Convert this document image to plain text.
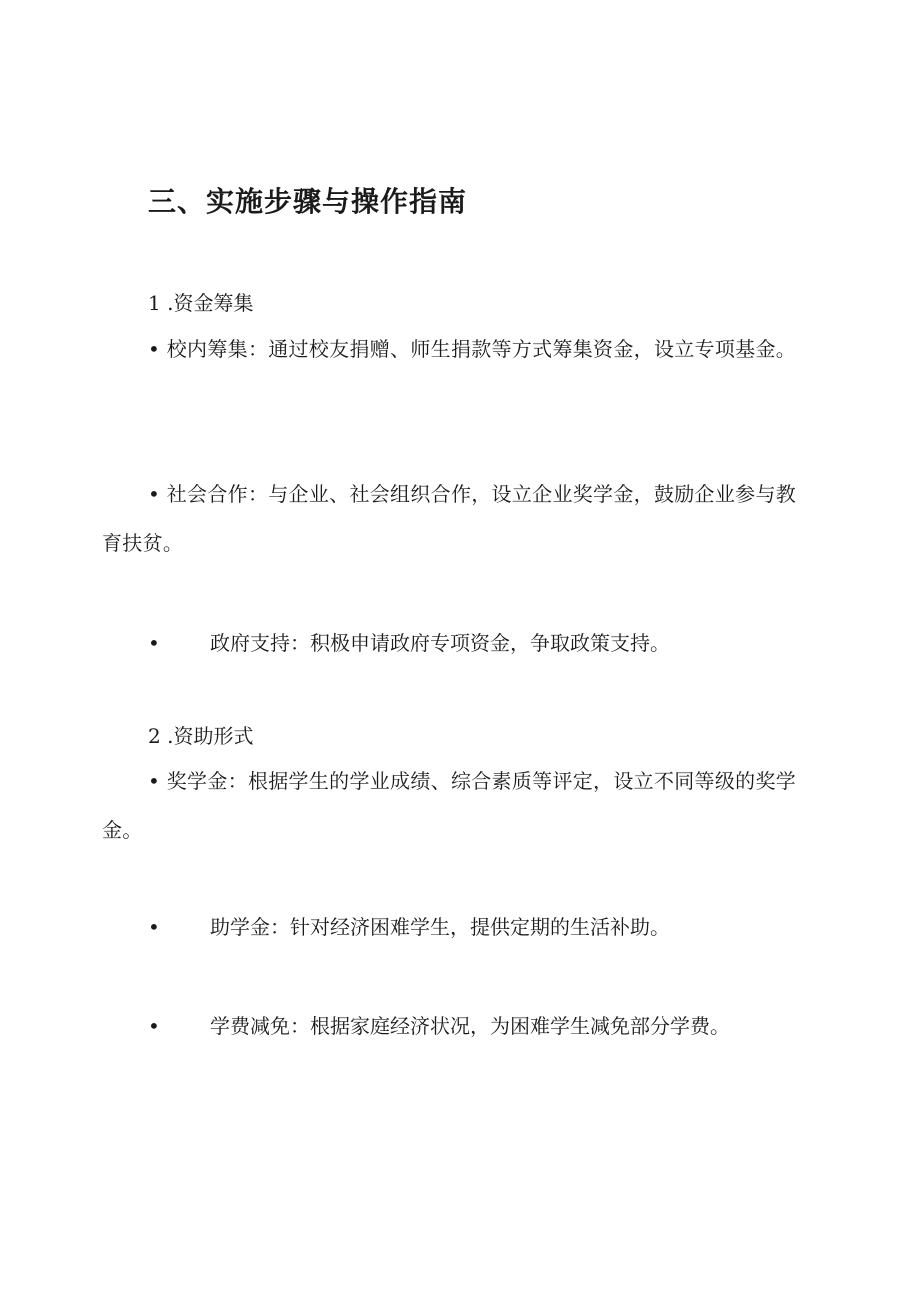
三、实施步骤与操作指南
1 .资金筹集
• 校内筹集：通过校友捐赠、师生捐款等方式筹集资金，设立专项基金。
• 社会合作：与企业、社会组织合作，设立企业奖学金，鼓励企业参与教育扶贫。
•	政府支持：积极申请政府专项资金，争取政策支持。
2 .资助形式
• 奖学金：根据学生的学业成绩、综合素质等评定，设立不同等级的奖学金。
•	助学金：针对经济困难学生，提供定期的生活补助。
•	学费减免：根据家庭经济状况，为困难学生减免部分学费。
